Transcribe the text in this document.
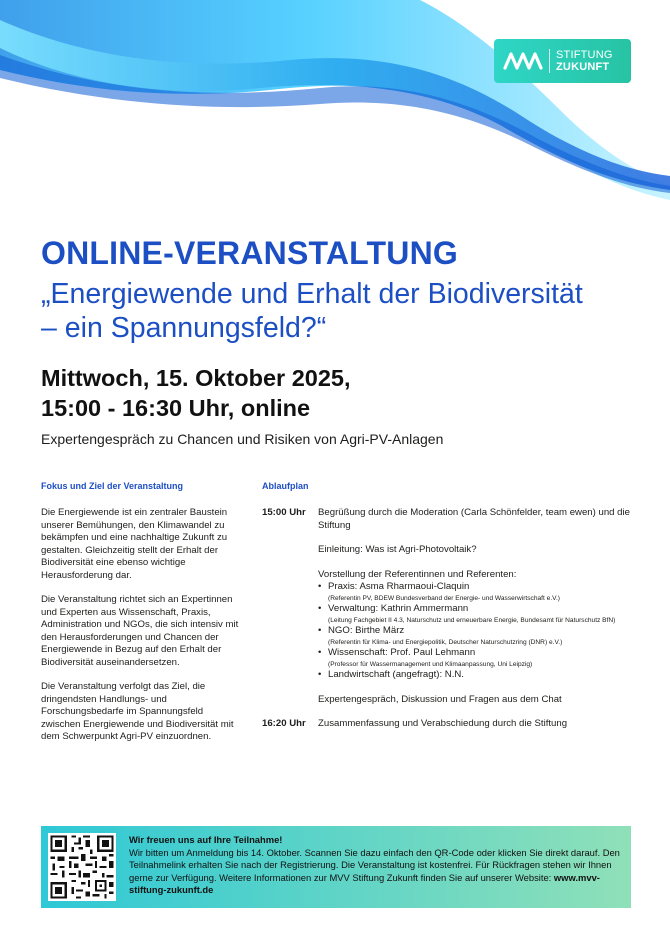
STIFTUNG
ZUKUNFT
ONLINE-VERANSTALTUNG
„Energiewende und Erhalt der Biodiversität – ein Spannungsfeld?“
Mittwoch, 15. Oktober 2025,
15:00 - 16:30 Uhr, online
Expertengespräch zu Chancen und Risiken von Agri-PV-Anlagen
Fokus und Ziel der Veranstaltung

Die Energiewende ist ein zentraler Baustein unserer Bemühungen, den Klimawandel zu bekämpfen und eine nachhaltige Zukunft zu gestalten. Gleichzeitig stellt der Erhalt der Biodiversität eine ebenso wichtige Herausforderung dar.

Die Veranstaltung richtet sich an Expertinnen und Experten aus Wissenschaft, Praxis, Administration und NGOs, die sich intensiv mit den Herausforderungen und Chancen der Energiewende in Bezug auf den Erhalt der Biodiversität auseinandersetzen.

Die Veranstaltung verfolgt das Ziel, die dringendsten Handlungs- und Forschungsbedarfe im Spannungsfeld zwischen Energiewende und Biodiversität mit dem Schwerpunkt Agri-PV einzuordnen.

Ablaufplan
15:00 Uhr Begrüßung durch die Moderation (Carla Schönfelder, team ewen) und die Stiftung
Einleitung: Was ist Agri-Photovoltaik?
Vorstellung der Referentinnen und Referenten:
• Praxis: Asma Rharmaoui-Claquin
(Referentin PV, BDEW Bundesverband der Energie- und Wasserwirtschaft e.V.)
• Verwaltung: Kathrin Ammermann
(Leitung Fachgebiet II 4.3, Naturschutz und erneuerbare Energie, Bundesamt für Naturschutz BfN)
• NGO: Birthe März
(Referentin für Klima- und Energiepolitik, Deutscher Naturschutzring (DNR) e.V.)
• Wissenschaft: Prof. Paul Lehmann
(Professor für Wassermanagement und Klimaanpassung, Uni Leipzig)
• Landwirtschaft (angefragt): N.N.
Expertengespräch, Diskussion und Fragen aus dem Chat
16:20 Uhr Zusammenfassung und Verabschiedung durch die Stiftung
Wir freuen uns auf Ihre Teilnahme!
Wir bitten um Anmeldung bis 14. Oktober. Scannen Sie dazu einfach den QR-Code oder klicken Sie direkt darauf. Den Teilnahmelink erhalten Sie nach der Registrierung. Die Veranstaltung ist kostenfrei. Für Rückfragen stehen wir Ihnen gerne zur Verfügung. Weitere Informationen zur MVV Stiftung Zukunft finden Sie auf unserer Website: www.mvv-stiftung-zukunft.de
